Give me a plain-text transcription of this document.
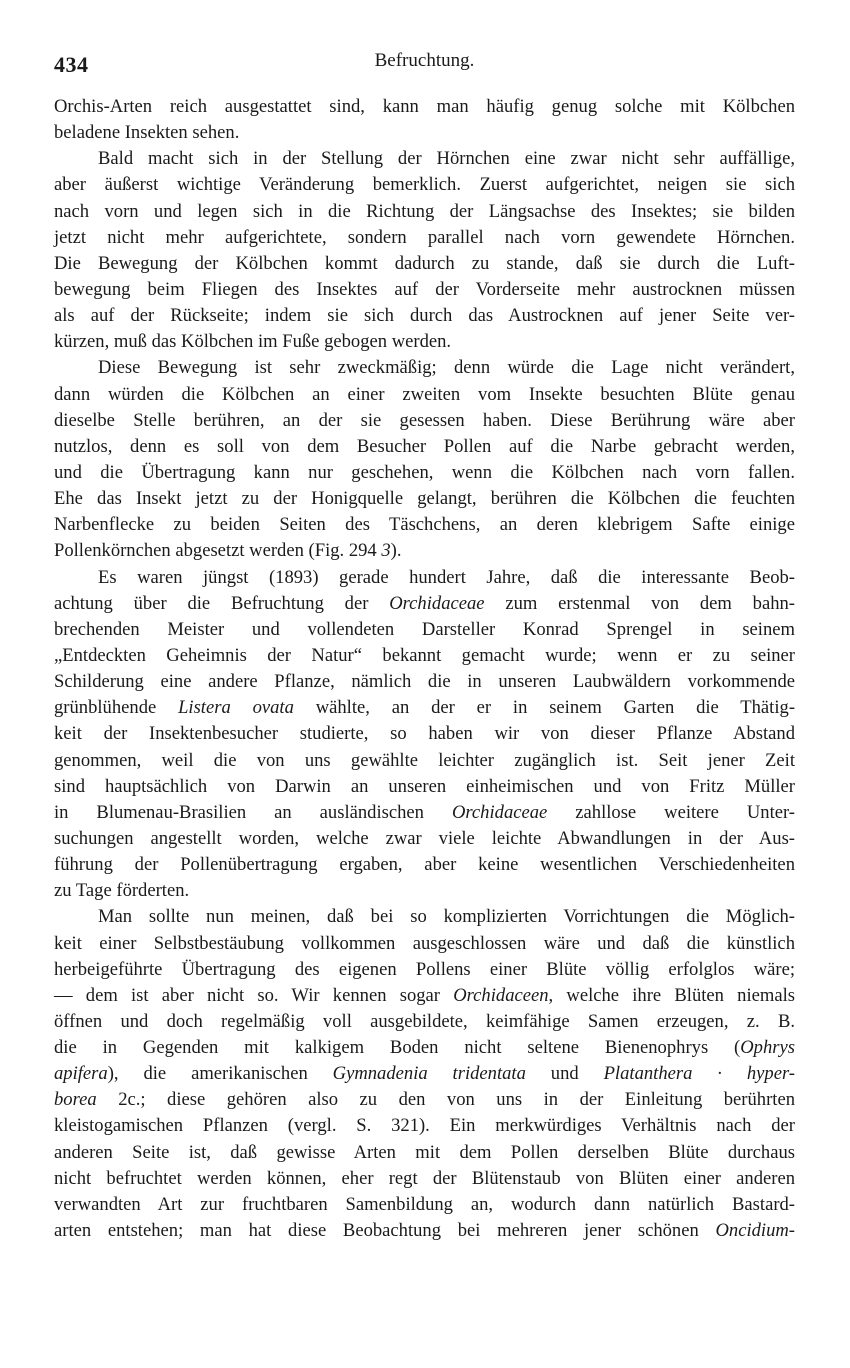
434	Befruchtung.
Orchis-Arten reich ausgestattet sind, kann man häufig genug solche mit Kölbchen
beladene Insekten sehen.
Bald macht sich in der Stellung der Hörnchen eine zwar nicht sehr auffällige,
aber äußerst wichtige Veränderung bemerklich. Zuerst aufgerichtet, neigen sie sich
nach vorn und legen sich in die Richtung der Längsachse des Insektes; sie bilden
jetzt nicht mehr aufgerichtete, sondern parallel nach vorn gewendete Hörnchen.
Die Bewegung der Kölbchen kommt dadurch zu stande, daß sie durch die Luft-
bewegung beim Fliegen des Insektes auf der Vorderseite mehr austrocknen müssen
als auf der Rückseite; indem sie sich durch das Austrocknen auf jener Seite ver-
kürzen, muß das Kölbchen im Fuße gebogen werden.
Diese Bewegung ist sehr zweckmäßig; denn würde die Lage nicht verändert,
dann würden die Kölbchen an einer zweiten vom Insekte besuchten Blüte genau
dieselbe Stelle berühren, an der sie gesessen haben. Diese Berührung wäre aber
nutzlos, denn es soll von dem Besucher Pollen auf die Narbe gebracht werden,
und die Übertragung kann nur geschehen, wenn die Kölbchen nach vorn fallen.
Ehe das Insekt jetzt zu der Honigquelle gelangt, berühren die Kölbchen die feuchten
Narbenflecke zu beiden Seiten des Täschchens, an deren klebrigem Safte einige
Pollenkörnchen abgesetzt werden (Fig. 294 3).
Es waren jüngst (1893) gerade hundert Jahre, daß die interessante Beob-
achtung über die Befruchtung der Orchidaceae zum erstenmal von dem bahn-
brechenden Meister und vollendeten Darsteller Konrad Sprengel in seinem
„Entdeckten Geheimnis der Natur“ bekannt gemacht wurde; wenn er zu seiner
Schilderung eine andere Pflanze, nämlich die in unseren Laubwäldern vorkommende
grünblühende Listera ovata wählte, an der er in seinem Garten die Thätig-
keit der Insektenbesucher studierte, so haben wir von dieser Pflanze Abstand
genommen, weil die von uns gewählte leichter zugänglich ist. Seit jener Zeit
sind hauptsächlich von Darwin an unseren einheimischen und von Fritz Müller
in Blumenau-Brasilien an ausländischen Orchidaceae zahllose weitere Unter-
suchungen angestellt worden, welche zwar viele leichte Abwandlungen in der Aus-
führung der Pollenübertragung ergaben, aber keine wesentlichen Verschiedenheiten
zu Tage förderten.
Man sollte nun meinen, daß bei so komplizierten Vorrichtungen die Möglich-
keit einer Selbstbestäubung vollkommen ausgeschlossen wäre und daß die künstlich
herbeigeführte Übertragung des eigenen Pollens einer Blüte völlig erfolglos wäre;
— dem ist aber nicht so. Wir kennen sogar Orchidaceen, welche ihre Blüten niemals
öffnen und doch regelmäßig voll ausgebildete, keimfähige Samen erzeugen, z. B.
die in Gegenden mit kalkigem Boden nicht seltene Bienenophrys (Ophrys
apifera), die amerikanischen Gymnadenia tridentata und Platanthera · hyper-
borea 2c.; diese gehören also zu den von uns in der Einleitung berührten
kleistogamischen Pflanzen (vergl. S. 321). Ein merkwürdiges Verhältnis nach der
anderen Seite ist, daß gewisse Arten mit dem Pollen derselben Blüte durchaus
nicht befruchtet werden können, eher regt der Blütenstaub von Blüten einer anderen
verwandten Art zur fruchtbaren Samenbildung an, wodurch dann natürlich Bastard-
arten entstehen; man hat diese Beobachtung bei mehreren jener schönen Oncidium-
